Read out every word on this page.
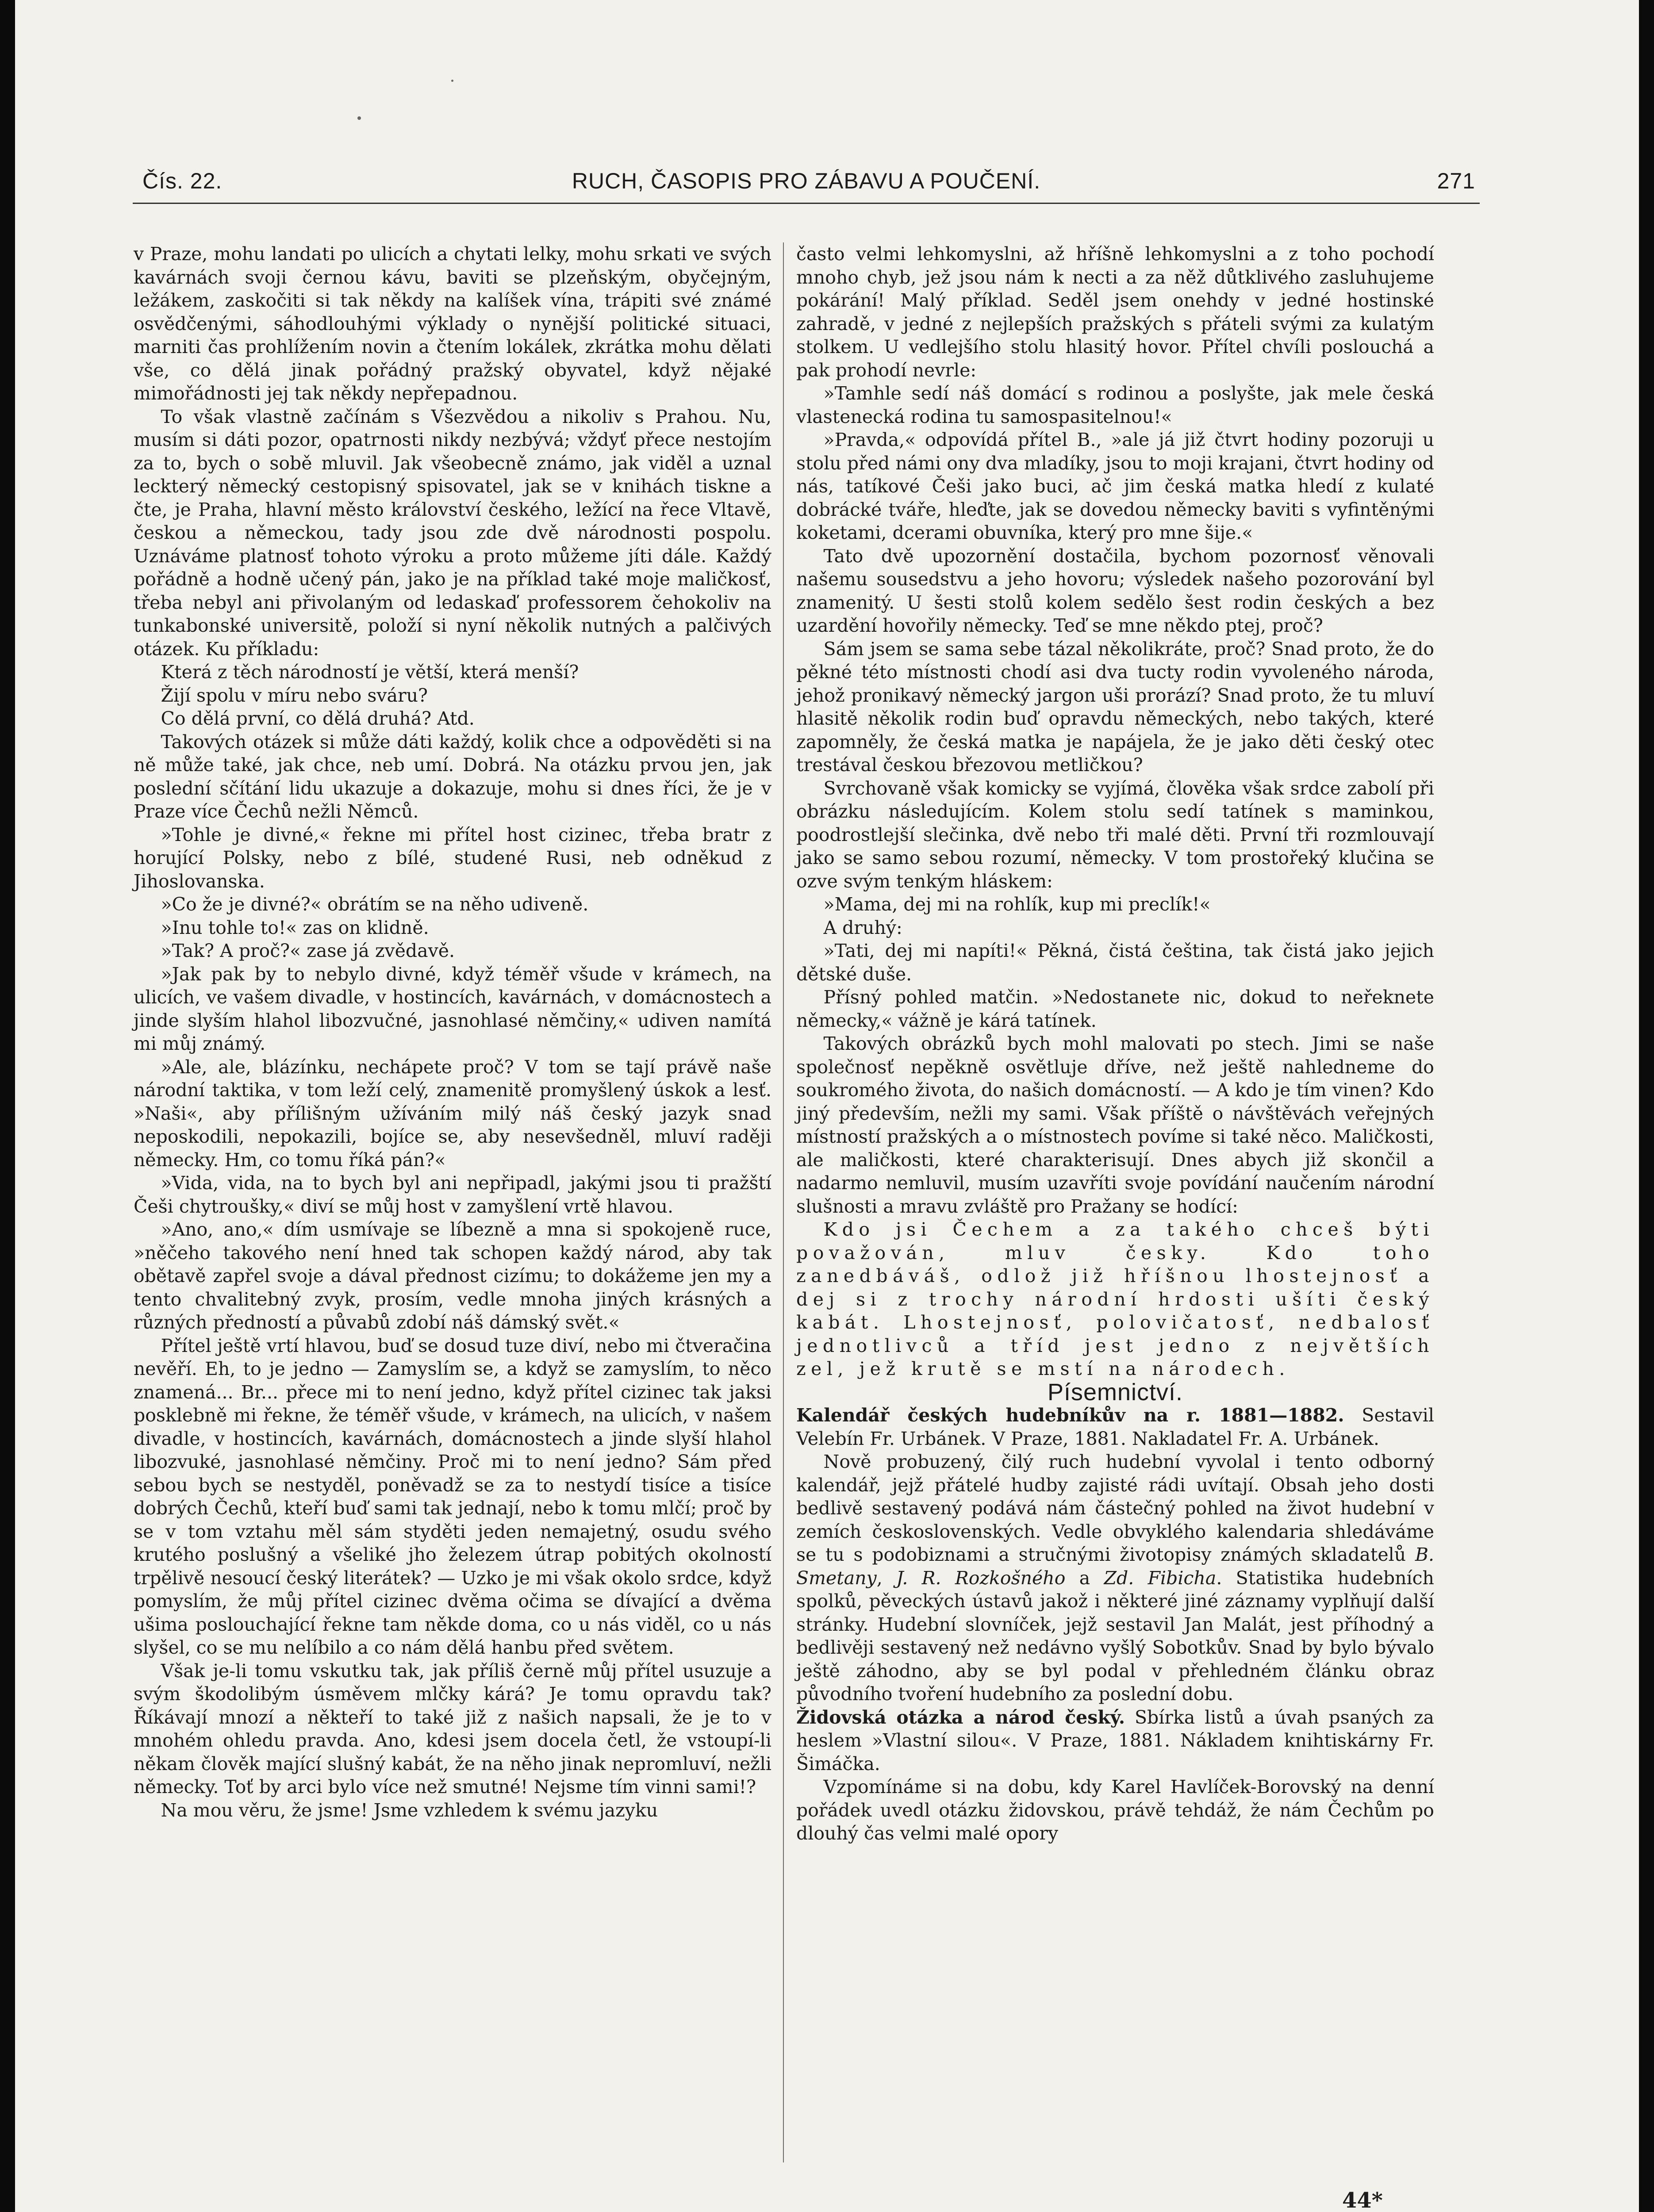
Čís. 22.	RUCH, ČASOPIS PRO ZÁBAVU A POUČENÍ.	271

v Praze, mohu landati po ulicích a chytati lelky, mohu srkati ve svých kavárnách svoji černou kávu, baviti se plzeňským, obyčejným, ležákem, zaskočiti si tak někdy na kalíšek vína, trápiti své známé osvědčenými, sáhodlouhými výklady o nynější politické situaci, marniti čas prohlížením novin a čtením lokálek, zkrátka mohu dělati vše, co dělá jinak pořádný pražský obyvatel, když nějaké mimořádnosti jej tak někdy nepřepadnou.

To však vlastně začínám s Všezvědou a nikoliv s Prahou. Nu, musím si dáti pozor, opatrnosti nikdy nezbývá; vždyť přece nestojím za to, bych o sobě mluvil. Jak všeobecně známo, jak viděl a uznal leckterý německý cestopisný spisovatel, jak se v knihách tiskne a čte, je Praha, hlavní město království českého, ležící na řece Vltavě, českou a německou, tady jsou zde dvě národnosti pospolu. Uznáváme platnosť tohoto výroku a proto můžeme jíti dále. Každý pořádně a hodně učený pán, jako je na příklad také moje maličkosť, třeba nebyl ani přivolaným od ledaskaď professorem čehokoliv na tunkabonské universitě, položí si nyní několik nutných a palčivých otázek. Ku příkladu:

Která z těch národností je větší, která menší?

Žijí spolu v míru nebo sváru?

Co dělá první, co dělá druhá? Atd.

Takových otázek si může dáti každý, kolik chce a odpověděti si na ně může také, jak chce, neb umí. Dobrá. Na otázku prvou jen, jak poslední sčítání lidu ukazuje a dokazuje, mohu si dnes říci, že je v Praze více Čechů nežli Němců.

»Tohle je divné,« řekne mi přítel host cizinec, třeba bratr z horující Polsky, nebo z bílé, studené Rusi, neb odněkud z Jihoslovanska.

»Co že je divné?« obrátím se na něho udiveně.

»Inu tohle to!« zas on klidně.

»Tak? A proč?« zase já zvědavě.

»Jak pak by to nebylo divné, když téměř všude v krámech, na ulicích, ve vašem divadle, v hostincích, kavárnách, v domácnostech a jinde slyším hlahol libozvučné, jasnohlasé němčiny,« udiven namítá mi můj známý.

»Ale, ale, blázínku, nechápete proč? V tom se tají právě naše národní taktika, v tom leží celý, znamenitě promyšlený úskok a lesť. »Naši«, aby přílišným užíváním milý náš český jazyk snad neposkodili, nepokazili, bojíce se, aby nesevšedněl, mluví raději německy. Hm, co tomu říká pán?«

»Vida, vida, na to bych byl ani nepřipadl, jakými jsou ti pražští Češi chytroušky,« diví se můj host v zamyšlení vrtě hlavou.

»Ano, ano,« dím usmívaje se líbezně a mna si spokojeně ruce, »něčeho takového není hned tak schopen každý národ, aby tak obětavě zapřel svoje a dával přednost cizímu; to dokážeme jen my a tento chvalitebný zvyk, prosím, vedle mnoha jiných krásných a různých předností a půvabů zdobí náš dámský svět.«

Přítel ještě vrtí hlavou, buď se dosud tuze diví, nebo mi čtveračina nevěří. Eh, to je jedno — Zamyslím se, a když se zamyslím, to něco znamená... Br... přece mi to není jedno, když přítel cizinec tak jaksi posklebně mi řekne, že téměř všude, v krámech, na ulicích, v našem divadle, v hostincích, kavárnách, domácnostech a jinde slyší hlahol libozvuké, jasnohlasé němčiny. Proč mi to není jedno? Sám před sebou bych se nestyděl, poněvadž se za to nestydí tisíce a tisíce dobrých Čechů, kteří buď sami tak jednají, nebo k tomu mlčí; proč by se v tom vztahu měl sám styděti jeden nemajetný, osudu svého krutého poslušný a všeliké jho železem útrap pobitých okolností trpělivě nesoucí český literátek? — Uzko je mi však okolo srdce, když pomyslím, že můj přítel cizinec dvěma očima se dívající a dvěma ušima poslouchající řekne tam někde doma, co u nás viděl, co u nás slyšel, co se mu nelíbilo a co nám dělá hanbu před světem.

Však je-li tomu vskutku tak, jak příliš černě můj přítel usuzuje a svým škodolibým úsměvem mlčky kárá? Je tomu opravdu tak? Říkávají mnozí a někteří to také již z našich napsali, že je to v mnohém ohledu pravda. Ano, kdesi jsem docela četl, že vstoupí-li někam člověk mající slušný kabát, že na něho jinak nepromluví, nežli německy. Toť by arci bylo více než smutné! Nejsme tím vinni sami!?

Na mou věru, že jsme! Jsme vzhledem k svému jazyku

často velmi lehkomyslni, až hříšně lehkomyslni a z toho pochodí mnoho chyb, jež jsou nám k necti a za něž důtklivého zasluhujeme pokárání! Malý příklad. Seděl jsem onehdy v jedné hostinské zahradě, v jedné z nejlepších pražských s přáteli svými za kulatým stolkem. U vedlejšího stolu hlasitý hovor. Přítel chvíli poslouchá a pak prohodí nevrle:

»Tamhle sedí náš domácí s rodinou a poslyšte, jak mele česká vlastenecká rodina tu samospasitelnou!«

»Pravda,« odpovídá přítel B., »ale já již čtvrt hodiny pozoruji u stolu před námi ony dva mladíky, jsou to moji krajani, čtvrt hodiny od nás, tatíkové Češi jako buci, ač jim česká matka hledí z kulaté dobrácké tváře, hleďte, jak se dovedou německy baviti s vyfintěnými koketami, dcerami obuvníka, který pro mne šije.«

Tato dvě upozornění dostačila, bychom pozornosť věnovali našemu sousedstvu a jeho hovoru; výsledek našeho pozorování byl znamenitý. U šesti stolů kolem sedělo šest rodin českých a bez uzardění hovořily německy. Teď se mne někdo ptej, proč?

Sám jsem se sama sebe tázal několikráte, proč? Snad proto, že do pěkné této místnosti chodí asi dva tucty rodin vyvoleného národa, jehož pronikavý německý jargon uši prorází? Snad proto, že tu mluví hlasitě několik rodin buď opravdu německých, nebo takých, které zapomněly, že česká matka je napájela, že je jako děti český otec trestával českou březovou metličkou?

Svrchovaně však komicky se vyjímá, člověka však srdce zabolí při obrázku následujícím. Kolem stolu sedí tatínek s maminkou, poodrostlejší slečinka, dvě nebo tři malé děti. První tři rozmlouvají jako se samo sebou rozumí, německy. V tom prostořeký klučina se ozve svým tenkým hláskem:

»Mama, dej mi na rohlík, kup mi preclík!«

A druhý:

»Tati, dej mi napíti!« Pěkná, čistá čeština, tak čistá jako jejich dětské duše.

Přísný pohled matčin. »Nedostanete nic, dokud to neřeknete německy,« vážně je kárá tatínek.

Takových obrázků bych mohl malovati po stech. Jimi se naše společnosť nepěkně osvětluje dříve, než ještě nahledneme do soukromého života, do našich domácností. — A kdo je tím vinen? Kdo jiný především, nežli my sami. Však příště o návštěvách veřejných místností pražských a o místnostech povíme si také něco. Maličkosti, ale maličkosti, které charakterisují. Dnes abych již skončil a nadarmo nemluvil, musím uzavříti svoje povídání naučením národní slušnosti a mravu zvláště pro Pražany se hodící:

Kdo jsi Čechem a za takého chceš býti považován, mluv česky. Kdo toho zanedbáváš, odlož již hříšnou lhostejnosť a dej si z trochy národní hrdosti ušíti český kabát. Lhostejnosť, polovičatosť, nedbalosť jednotlivců a tříd jest jedno z největších zel, jež krutě se mstí na národech.

Písemnictví.

Kalendář českých hudebníkův na r. 1881—1882. Sestavil Velebín Fr. Urbánek. V Praze, 1881. Nakladatel Fr. A. Urbánek.

Nově probuzený, čilý ruch hudební vyvolal i tento odborný kalendář, jejž přátelé hudby zajisté rádi uvítají. Obsah jeho dosti bedlivě sestavený podává nám částečný pohled na život hudební v zemích československých. Vedle obvyklého kalendaria shledáváme se tu s podobiznami a stručnými životopisy známých skladatelů B. Smetany, J. R. Rozkošného a Zd. Fibicha. Statistika hudebních spolků, pěveckých ústavů jakož i některé jiné záznamy vyplňují další stránky. Hudební slovníček, jejž sestavil Jan Malát, jest příhodný a bedlivěji sestavený než nedávno vyšlý Sobotkův. Snad by bylo bývalo ještě záhodno, aby se byl podal v přehledném článku obraz původního tvoření hudebního za poslední dobu.

Židovská otázka a národ český. Sbírka listů a úvah psaných za heslem »Vlastní silou«. V Praze, 1881. Nákladem knihtiskárny Fr. Šimáčka.

Vzpomínáme si na dobu, kdy Karel Havlíček-Borovský na denní pořádek uvedl otázku židovskou, právě tehdáž, že nám Čechům po dlouhý čas velmi malé opory

44*
